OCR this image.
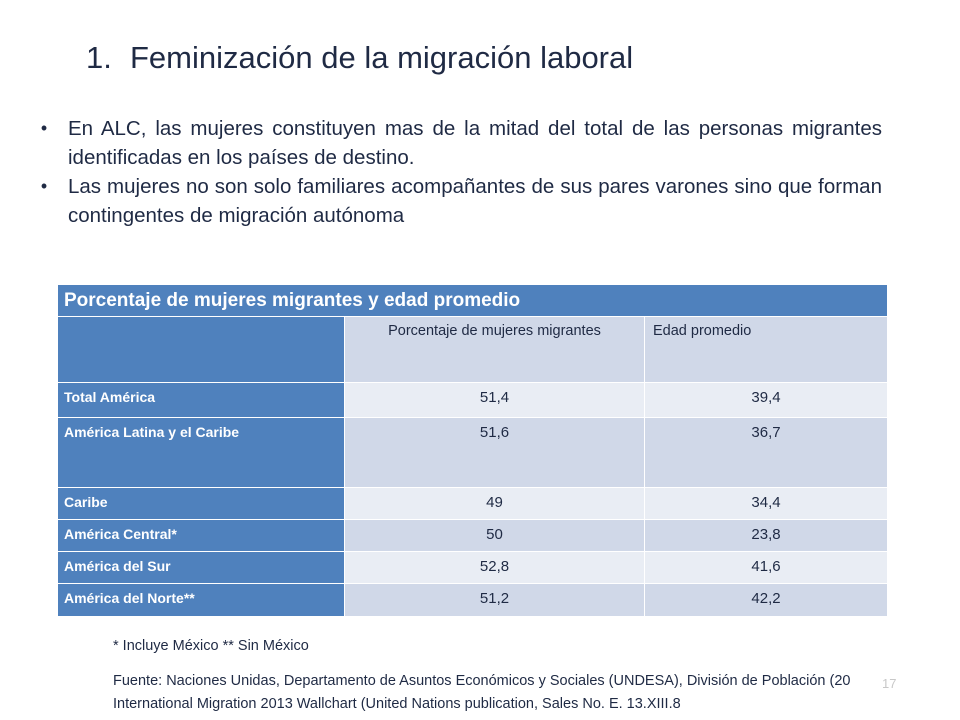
1. Feminización de la migración laboral
• En ALC, las mujeres constituyen mas de la mitad del total de las personas migrantes identificadas en los países de destino.
• Las mujeres no son solo familiares acompañantes de sus pares varones sino que forman contingentes de migración autónoma
Porcentaje de mujeres migrantes y edad promedio		
	Porcentaje de mujeres migrantes	Edad promedio
Total América	51,4	39,4
América Latina y el Caribe	51,6	36,7
Caribe	49	34,4
América Central*	50	23,8
América del Sur	52,8	41,6
América del Norte**	51,2	42,2
* Incluye México ** Sin México
Fuente: Naciones Unidas, Departamento de Asuntos Económicos y Sociales (UNDESA), División de Población (20
International Migration 2013 Wallchart (United Nations publication, Sales No. E. 13.XIII.8
17
